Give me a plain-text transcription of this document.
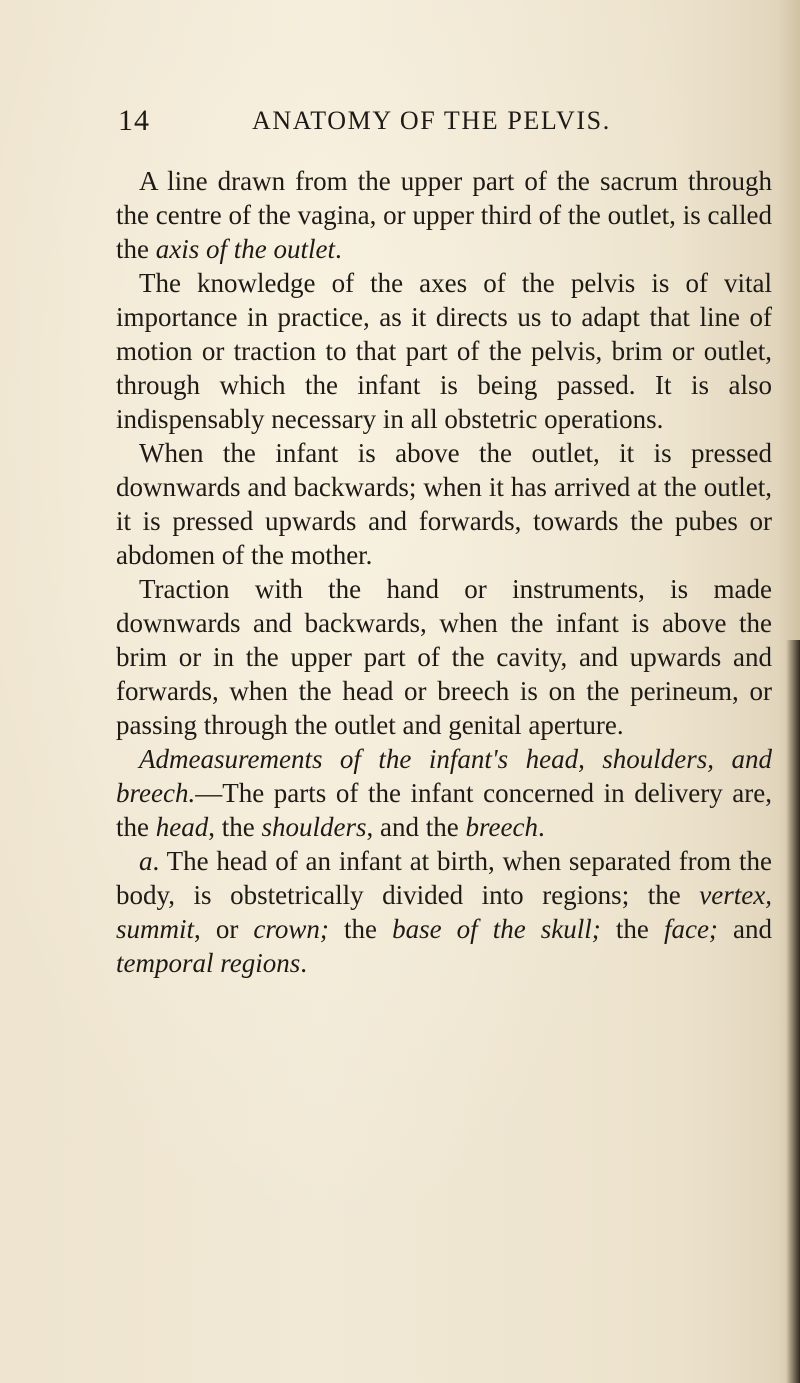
14	ANATOMY OF THE PELVIS.

A line drawn from the upper part of the sacrum through the centre of the vagina, or upper third of the outlet, is called the axis of the outlet.

The knowledge of the axes of the pelvis is of vital importance in practice, as it directs us to adapt that line of motion or traction to that part of the pelvis, brim or outlet, through which the infant is being passed. It is also indispensably necessary in all obstetric operations.

When the infant is above the outlet, it is pressed downwards and backwards; when it has arrived at the outlet, it is pressed upwards and forwards, towards the pubes or abdomen of the mother.

Traction with the hand or instruments, is made downwards and backwards, when the infant is above the brim or in the upper part of the cavity, and upwards and forwards, when the head or breech is on the perineum, or passing through the outlet and genital aperture.

Admeasurements of the infant's head, shoulders, and breech.—The parts of the infant concerned in delivery are, the head, the shoulders, and the breech.

a. The head of an infant at birth, when separated from the body, is obstetrically divided into regions; the vertex, summit, or crown; the base of the skull; the face; and temporal regions.
